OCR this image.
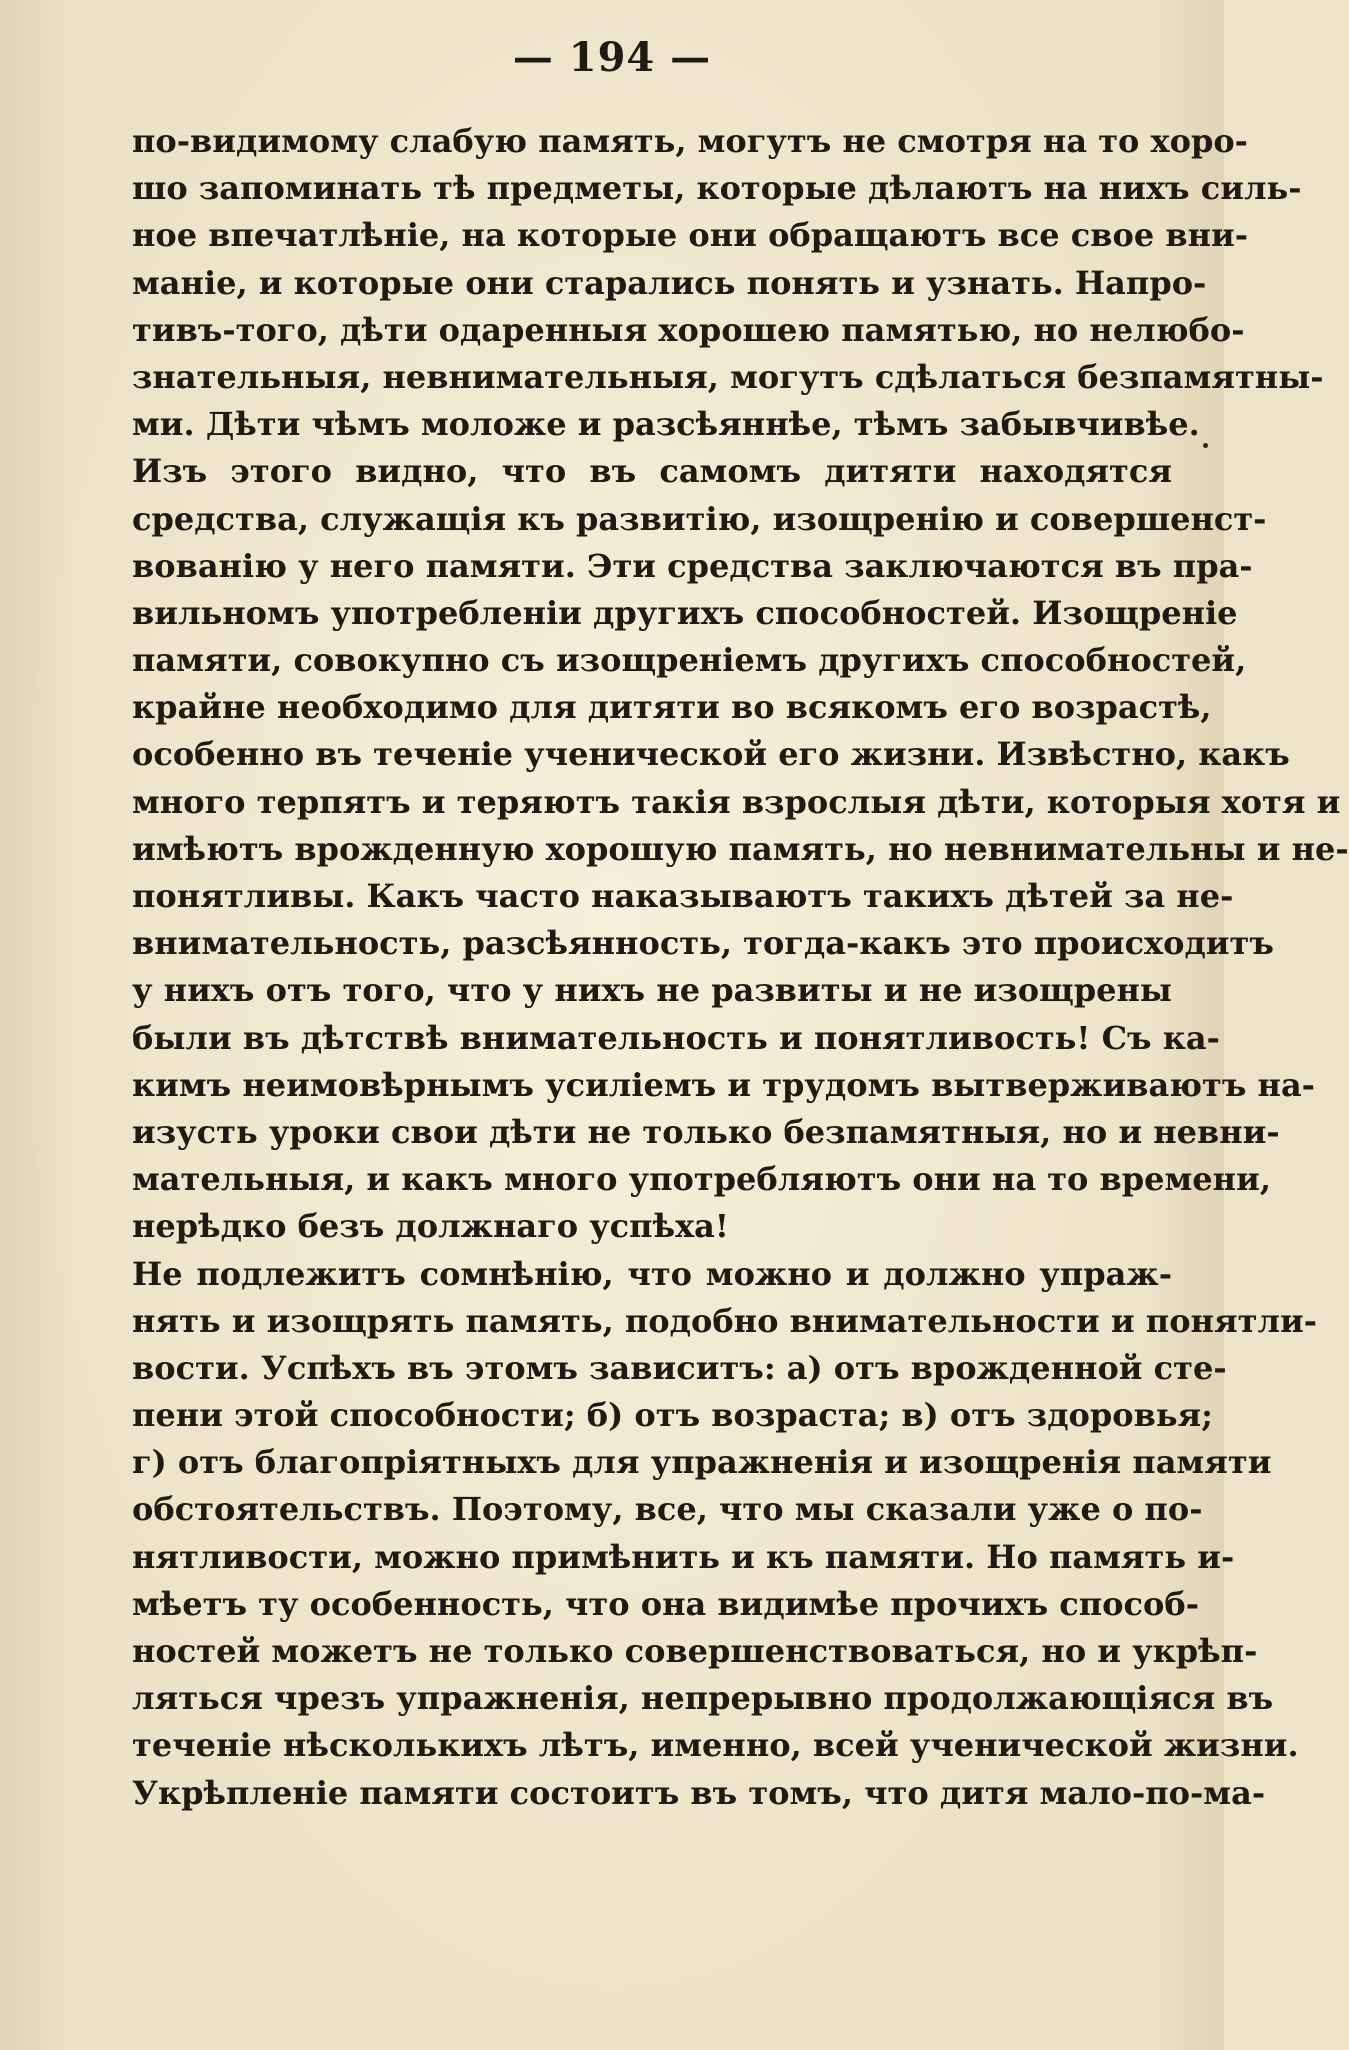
— 194 —
по-видимому слабую память, могутъ не смотря на то хоро-
шо запоминать тѣ предметы, которые дѣлаютъ на нихъ силь-
ное впечатлѣніе, на которые они обращаютъ все свое вни-
маніе, и которые они старались понять и узнать. Напро-
тивъ-того, дѣти одаренныя хорошею памятью, но нелюбо-
знательныя, невнимательныя, могутъ сдѣлаться безпамятны-
ми. Дѣти чѣмъ моложе и разсѣяннѣе, тѣмъ забывчивѣе.
Изъ этого видно, что въ самомъ дитяти находятся
средства, служащія къ развитію, изощренію и совершенст-
вованію у него памяти. Эти средства заключаются въ пра-
вильномъ употребленіи другихъ способностей. Изощреніе
памяти, совокупно съ изощреніемъ другихъ способностей,
крайне необходимо для дитяти во всякомъ его возрастѣ,
особенно въ теченіе ученической его жизни. Извѣстно, какъ
много терпятъ и теряютъ такія взрослыя дѣти, которыя хотя и
имѣютъ врожденную хорошую память, но невнимательны и не-
понятливы. Какъ часто наказываютъ такихъ дѣтей за не-
внимательность, разсѣянность, тогда-какъ это происходитъ
у нихъ отъ того, что у нихъ не развиты и не изощрены
были въ дѣтствѣ внимательность и понятливость! Съ ка-
кимъ неимовѣрнымъ усиліемъ и трудомъ вытверживаютъ на-
изусть уроки свои дѣти не только безпамятныя, но и невни-
мательныя, и какъ много употребляютъ они на то времени,
нерѣдко безъ должнаго успѣха!
Не подлежитъ сомнѣнію, что можно и должно упраж-
нять и изощрять память, подобно внимательности и понятли-
вости. Успѣхъ въ этомъ зависитъ: а) отъ врожденной сте-
пени этой способности; б) отъ возраста; в) отъ здоровья;
г) отъ благопріятныхъ для упражненія и изощренія памяти
обстоятельствъ. Поэтому, все, что мы сказали уже о по-
нятливости, можно примѣнить и къ памяти. Но память и-
мѣетъ ту особенность, что она видимѣе прочихъ способ-
ностей можетъ не только совершенствоваться, но и укрѣп-
ляться чрезъ упражненія, непрерывно продолжающіяся въ
теченіе нѣсколькихъ лѣтъ, именно, всей ученической жизни.
Укрѣпленіе памяти состоитъ въ томъ, что дитя мало-по-ма-
